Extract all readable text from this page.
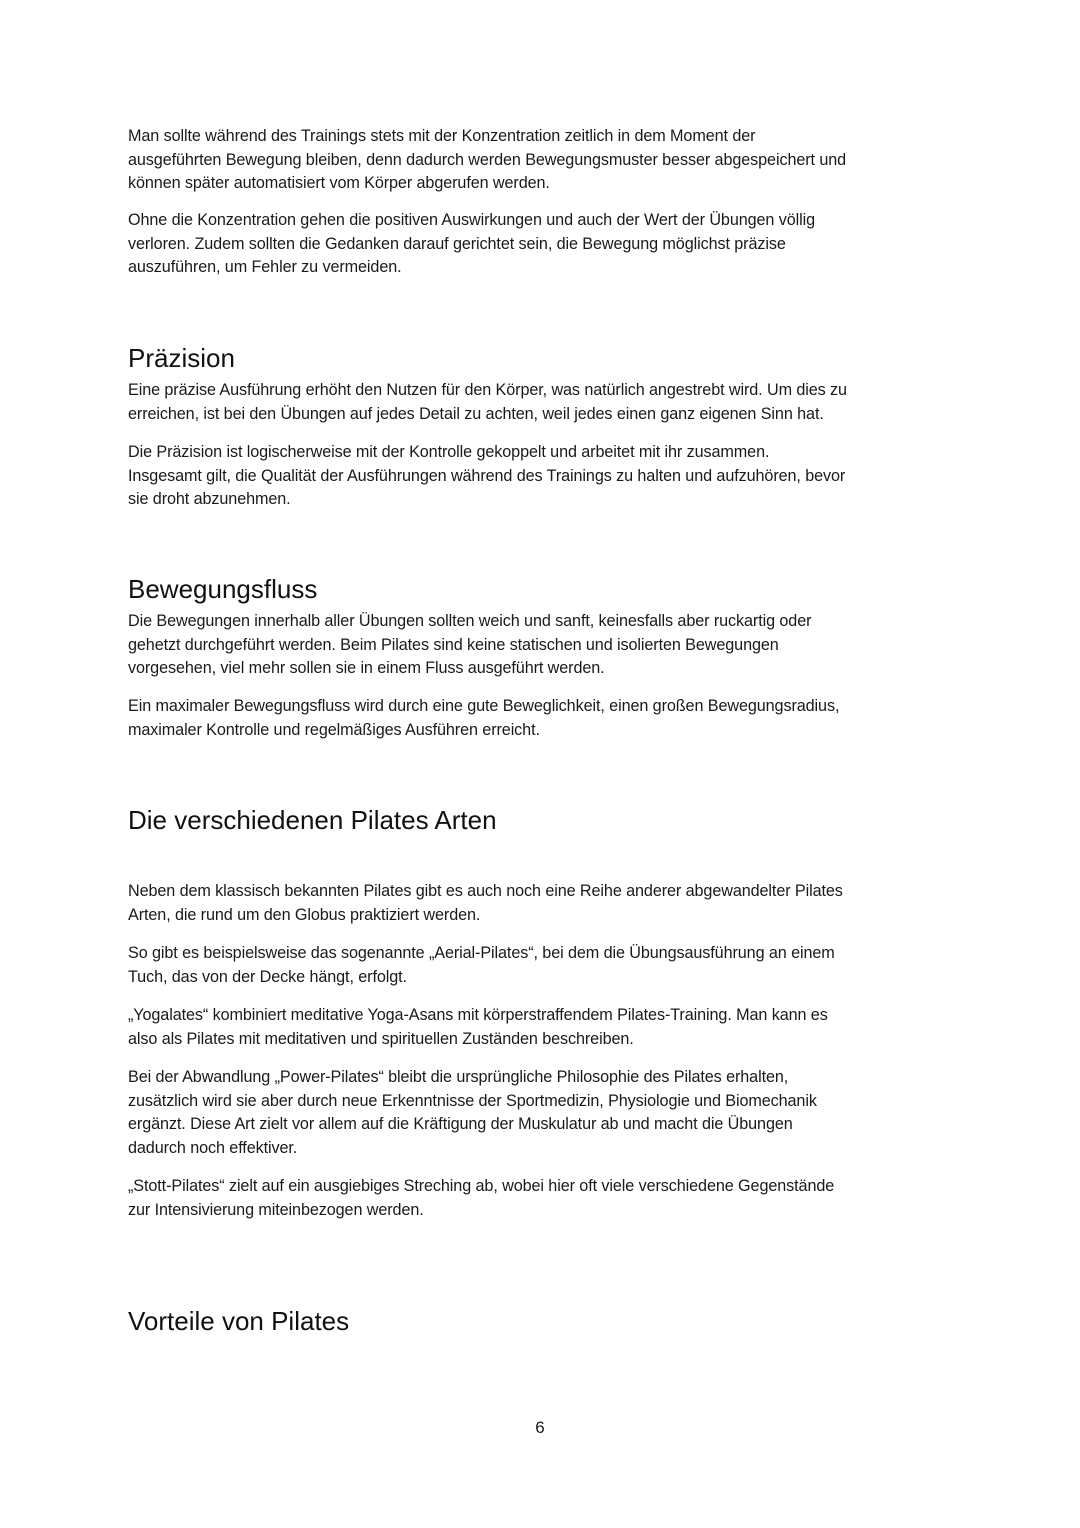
Man sollte während des Trainings stets mit der Konzentration zeitlich in dem Moment der
ausgeführten Bewegung bleiben, denn dadurch werden Bewegungsmuster besser abgespeichert und
können später automatisiert vom Körper abgerufen werden.
Ohne die Konzentration gehen die positiven Auswirkungen und auch der Wert der Übungen völlig
verloren. Zudem sollten die Gedanken darauf gerichtet sein, die Bewegung möglichst präzise
auszuführen, um Fehler zu vermeiden.
Präzision
Eine präzise Ausführung erhöht den Nutzen für den Körper, was natürlich angestrebt wird. Um dies zu
erreichen, ist bei den Übungen auf jedes Detail zu achten, weil jedes einen ganz eigenen Sinn hat.
Die Präzision ist logischerweise mit der Kontrolle gekoppelt und arbeitet mit ihr zusammen.
Insgesamt gilt, die Qualität der Ausführungen während des Trainings zu halten und aufzuhören, bevor
sie droht abzunehmen.
Bewegungsfluss
Die Bewegungen innerhalb aller Übungen sollten weich und sanft, keinesfalls aber ruckartig oder
gehetzt durchgeführt werden. Beim Pilates sind keine statischen und isolierten Bewegungen
vorgesehen, viel mehr sollen sie in einem Fluss ausgeführt werden.
Ein maximaler Bewegungsfluss wird durch eine gute Beweglichkeit, einen großen Bewegungsradius,
maximaler Kontrolle und regelmäßiges Ausführen erreicht.
Die verschiedenen Pilates Arten
Neben dem klassisch bekannten Pilates gibt es auch noch eine Reihe anderer abgewandelter Pilates
Arten, die rund um den Globus praktiziert werden.
So gibt es beispielsweise das sogenannte „Aerial-Pilates“, bei dem die Übungsausführung an einem
Tuch, das von der Decke hängt, erfolgt.
„Yogalates“ kombiniert meditative Yoga-Asans mit körperstraffendem Pilates-Training. Man kann es
also als Pilates mit meditativen und spirituellen Zuständen beschreiben.
Bei der Abwandlung „Power-Pilates“ bleibt die ursprüngliche Philosophie des Pilates erhalten,
zusätzlich wird sie aber durch neue Erkenntnisse der Sportmedizin, Physiologie und Biomechanik
ergänzt. Diese Art zielt vor allem auf die Kräftigung der Muskulatur ab und macht die Übungen
dadurch noch effektiver.
„Stott-Pilates“ zielt auf ein ausgiebiges Streching ab, wobei hier oft viele verschiedene Gegenstände
zur Intensivierung miteinbezogen werden.
Vorteile von Pilates
6
